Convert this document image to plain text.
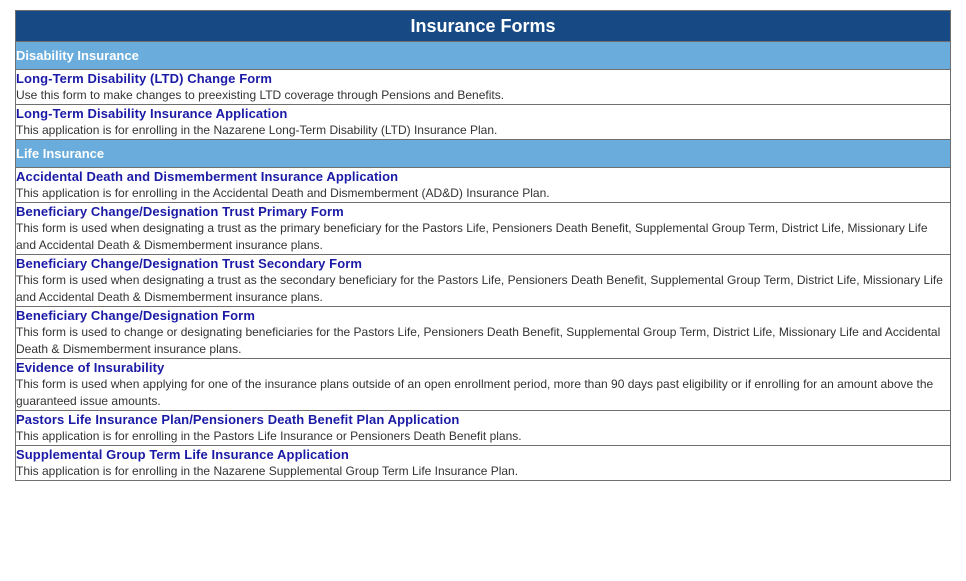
Insurance Forms
Disability Insurance

Long-Term Disability (LTD) Change Form
Use this form to make changes to preexisting LTD coverage through Pensions and Benefits.

Long-Term Disability Insurance Application
This application is for enrolling in the Nazarene Long-Term Disability (LTD) Insurance Plan.

Life Insurance

Accidental Death and Dismemberment Insurance Application
This application is for enrolling in the Accidental Death and Dismemberment (AD&D) Insurance Plan.

Beneficiary Change/Designation Trust Primary Form
This form is used when designating a trust as the primary beneficiary for the Pastors Life, Pensioners Death Benefit, Supplemental Group Term, District Life, Missionary Life and Accidental Death & Dismemberment insurance plans.

Beneficiary Change/Designation Trust Secondary Form
This form is used when designating a trust as the secondary beneficiary for the Pastors Life, Pensioners Death Benefit, Supplemental Group Term, District Life, Missionary Life and Accidental Death & Dismemberment insurance plans.

Beneficiary Change/Designation Form
This form is used to change or designating beneficiaries for the Pastors Life, Pensioners Death Benefit, Supplemental Group Term, District Life, Missionary Life and Accidental Death & Dismemberment insurance plans.

Evidence of Insurability
This form is used when applying for one of the insurance plans outside of an open enrollment period, more than 90 days past eligibility or if enrolling for an amount above the guaranteed issue amounts.

Pastors Life Insurance Plan/Pensioners Death Benefit Plan Application
This application is for enrolling in the Pastors Life Insurance or Pensioners Death Benefit plans.

Supplemental Group Term Life Insurance Application
This application is for enrolling in the Nazarene Supplemental Group Term Life Insurance Plan.
